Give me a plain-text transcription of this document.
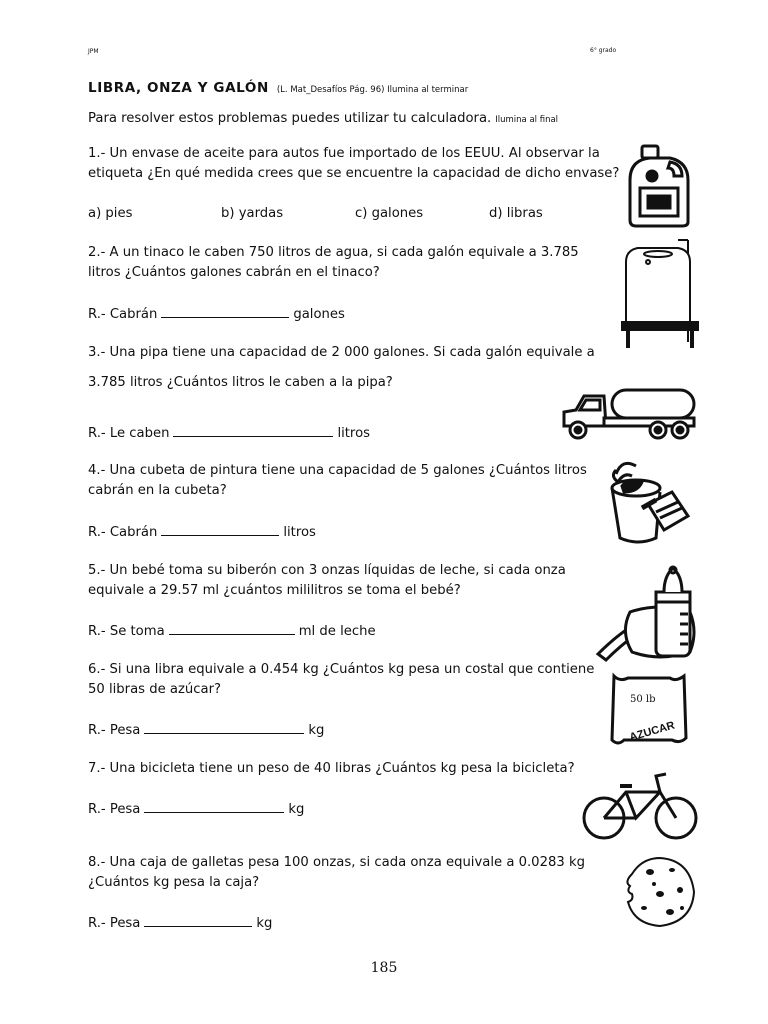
JPM	6° grado
LIBRA, ONZA Y GALÓN (L. Mat_Desafíos Pág. 96) Ilumina al terminar
Para resolver estos problemas puedes utilizar tu calculadora. Ilumina al final
1.- Un envase de aceite para autos fue importado de los EEUU. Al observar la
etiqueta ¿En qué medida crees que se encuentre la capacidad de dicho envase?
a) pies	b) yardas	c) galones	d) libras
2.- A un tinaco le caben 750 litros de agua, si cada galón equivale a 3.785
litros ¿Cuántos galones cabrán en el tinaco?
R.- Cabrán	galones
3.- Una pipa tiene una capacidad de 2 000 galones. Si cada galón equivale a
3.785 litros ¿Cuántos litros le caben a la pipa?
R.- Le caben	litros
4.- Una cubeta de pintura tiene una capacidad de 5 galones ¿Cuántos litros
cabrán en la cubeta?
R.- Cabrán	litros
5.- Un bebé toma su biberón con 3 onzas líquidas de leche, si cada onza
equivale a 29.57 ml ¿cuántos mililitros se toma el bebé?
R.- Se toma	ml de leche
6.- Si una libra equivale a 0.454 kg ¿Cuántos kg pesa un costal que contiene
50 libras de azúcar?
R.- Pesa	kg
7.- Una bicicleta tiene un peso de 40 libras ¿Cuántos kg pesa la bicicleta?
R.- Pesa	kg
8.- Una caja de galletas pesa 100 onzas, si cada onza equivale a 0.0283 kg
¿Cuántos kg pesa la caja?
R.- Pesa	kg
185
50 lb
AZUCAR
